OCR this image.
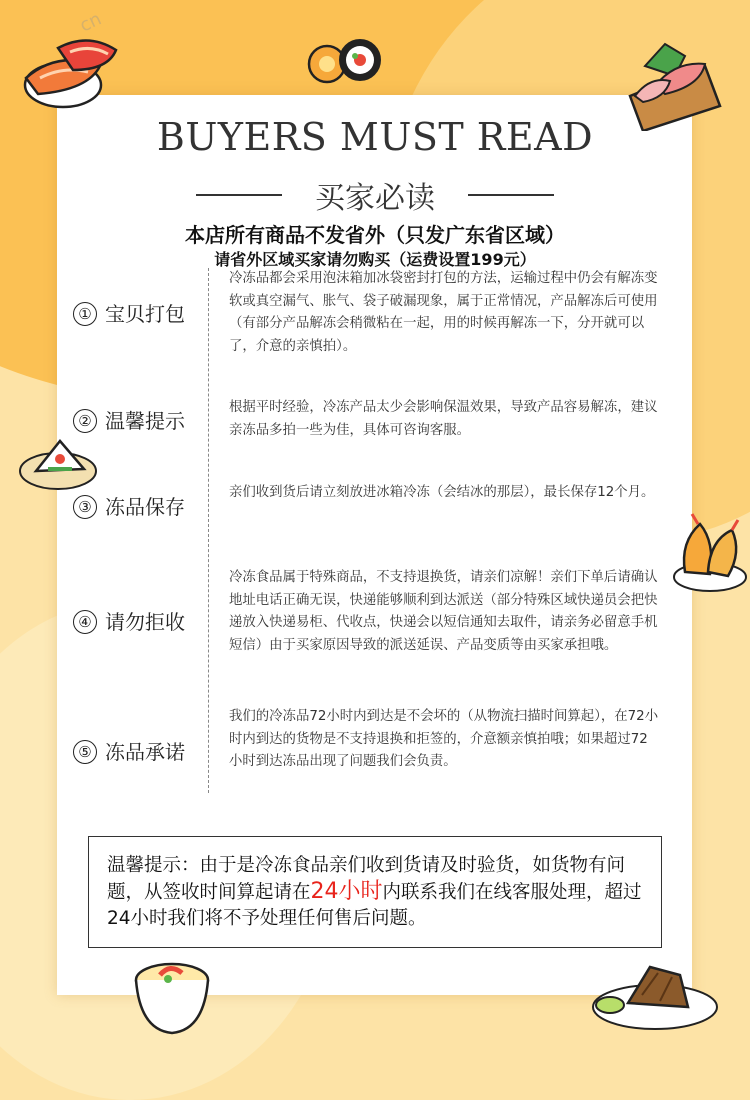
cn
BUYERS MUST READ
买家必读
本店所有商品不发省外（只发广东省区域）
请省外区域买家请勿购买（运费设置199元）
① 宝贝打包
冷冻品都会采用泡沫箱加冰袋密封打包的方法，运输过程中仍会有解冻变软或真空漏气、胀气、袋子破漏现象，属于正常情况，产品解冻后可使用（有部分产品解冻会稍微粘在一起，用的时候再解冻一下，分开就可以了，介意的亲慎拍）。
② 温馨提示
根据平时经验，冷冻产品太少会影响保温效果，导致产品容易解冻，建议亲冻品多拍一些为佳，具体可咨询客服。
③ 冻品保存
亲们收到货后请立刻放进冰箱冷冻（会结冰的那层），最长保存12个月。
④ 请勿拒收
冷冻食品属于特殊商品，不支持退换货，请亲们凉解！亲们下单后请确认地址电话正确无误，快递能够顺利到达派送（部分特殊区域快递员会把快递放入快递易柜、代收点，快递会以短信通知去取件，请亲务必留意手机短信）由于买家原因导致的派送延误、产品变质等由买家承担哦。
⑤ 冻品承诺
我们的冷冻品72小时内到达是不会坏的（从物流扫描时间算起），在72小时内到达的货物是不支持退换和拒签的，介意额亲慎拍哦；如果超过72小时到达冻品出现了问题我们会负责。
温馨提示：由于是冷冻食品亲们收到货请及时验货，如货物有问题，从签收时间算起请在24小时内联系我们在线客服处理，超过24小时我们将不予处理任何售后问题。
